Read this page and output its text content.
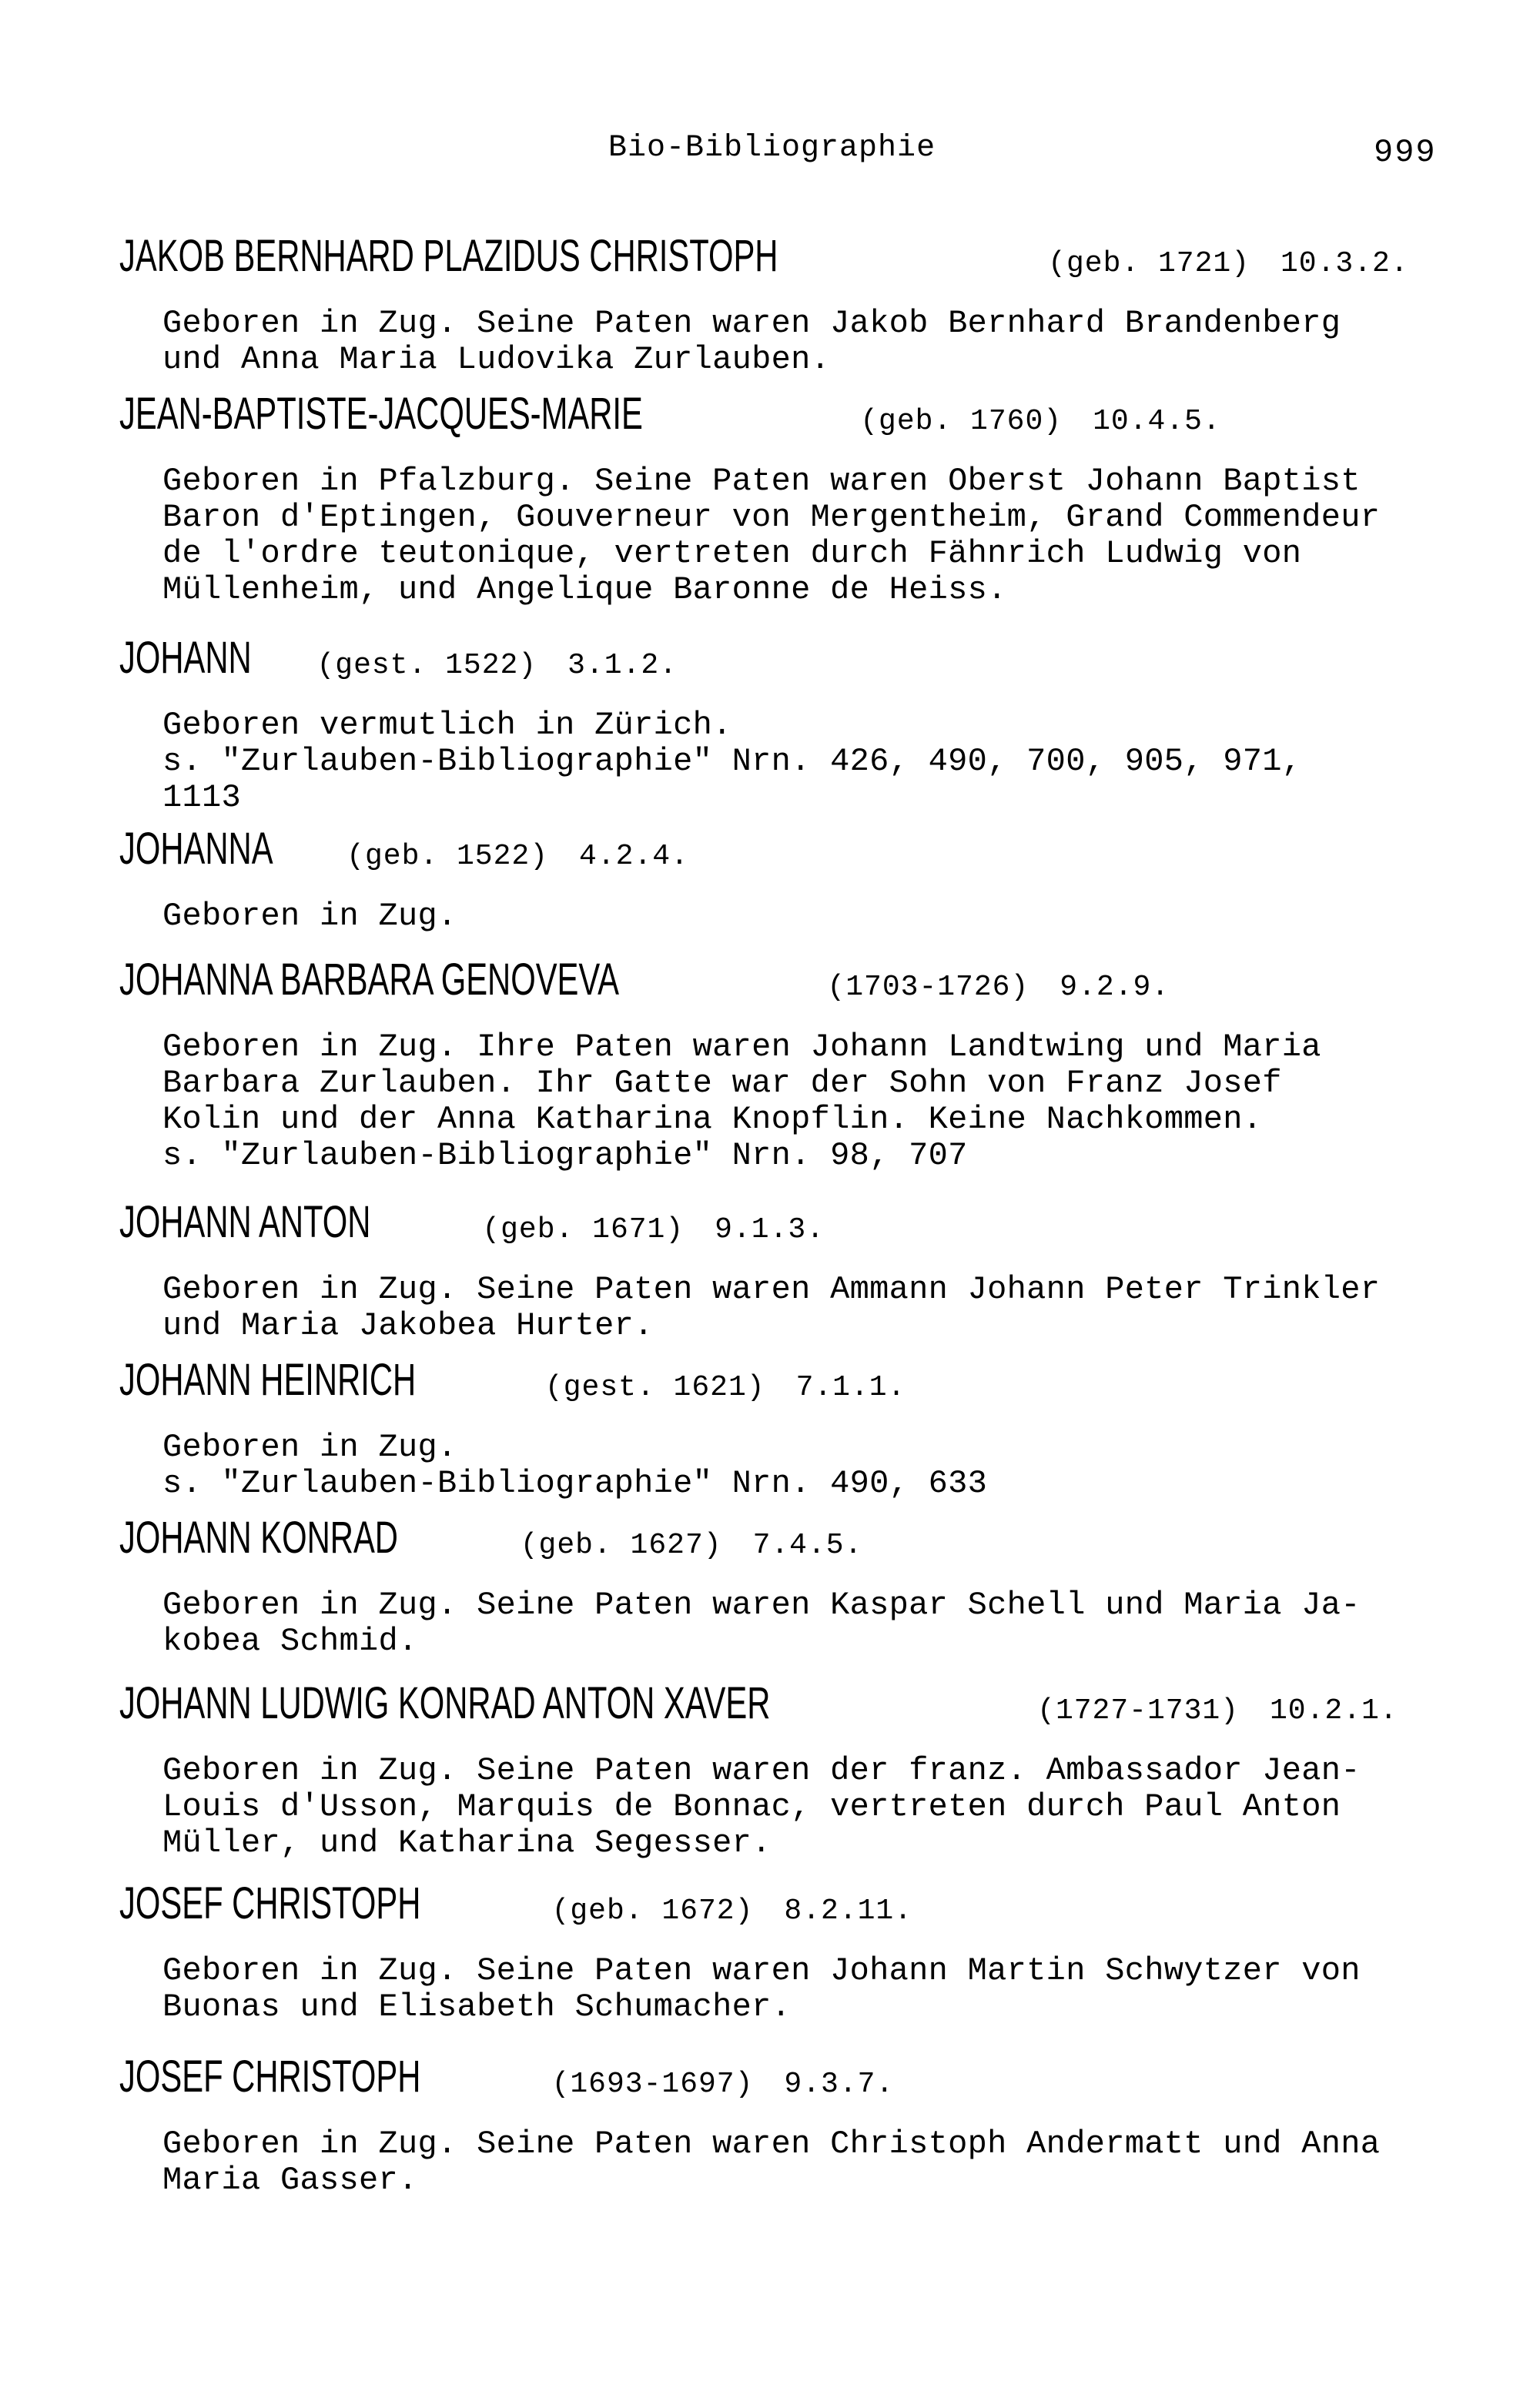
Bio-Bibliographie	999
JAKOB BERNHARD PLAZIDUS CHRISTOPH	(geb. 1721) 10.3.2.
Geboren in Zug. Seine Paten waren Jakob Bernhard Brandenberg
und Anna Maria Ludovika Zurlauben.
JEAN-BAPTISTE-JACQUES-MARIE	(geb. 1760) 10.4.5.
Geboren in Pfalzburg. Seine Paten waren Oberst Johann Baptist
Baron d'Eptingen, Gouverneur von Mergentheim, Grand Commendeur
de l'ordre teutonique, vertreten durch Fähnrich Ludwig von
Müllenheim, und Angelique Baronne de Heiss.
JOHANN (gest. 1522) 3.1.2.
Geboren vermutlich in Zürich.
s. "Zurlauben-Bibliographie" Nrn. 426, 490, 700, 905, 971,
1113
JOHANNA	(geb. 1522) 4.2.4.
Geboren in Zug.
JOHANNA BARBARA GENOVEVA	(1703-1726) 9.2.9.
Geboren in Zug. Ihre Paten waren Johann Landtwing und Maria
Barbara Zurlauben. Ihr Gatte war der Sohn von Franz Josef
Kolin und der Anna Katharina Knopflin. Keine Nachkommen.
s. "Zurlauben-Bibliographie" Nrn. 98, 707
JOHANN ANTON	(geb. 1671) 9.1.3.
Geboren in Zug. Seine Paten waren Ammann Johann Peter Trinkler
und Maria Jakobea Hurter.
JOHANN HEINRICH	(gest. 1621) 7.1.1.
Geboren in Zug.
s. "Zurlauben-Bibliographie" Nrn. 490, 633
JOHANN KONRAD	(geb. 1627) 7.4.5.
Geboren in Zug. Seine Paten waren Kaspar Schell und Maria Ja-
kobea Schmid.
JOHANN LUDWIG KONRAD ANTON XAVER	(1727-1731) 10.2.1.
Geboren in Zug. Seine Paten waren der franz. Ambassador Jean-
Louis d'Usson, Marquis de Bonnac, vertreten durch Paul Anton
Müller, und Katharina Segesser.
JOSEF CHRISTOPH	(geb. 1672) 8.2.11.
Geboren in Zug. Seine Paten waren Johann Martin Schwytzer von
Buonas und Elisabeth Schumacher.
JOSEF CHRISTOPH	(1693-1697) 9.3.7.
Geboren in Zug. Seine Paten waren Christoph Andermatt und Anna
Maria Gasser.
